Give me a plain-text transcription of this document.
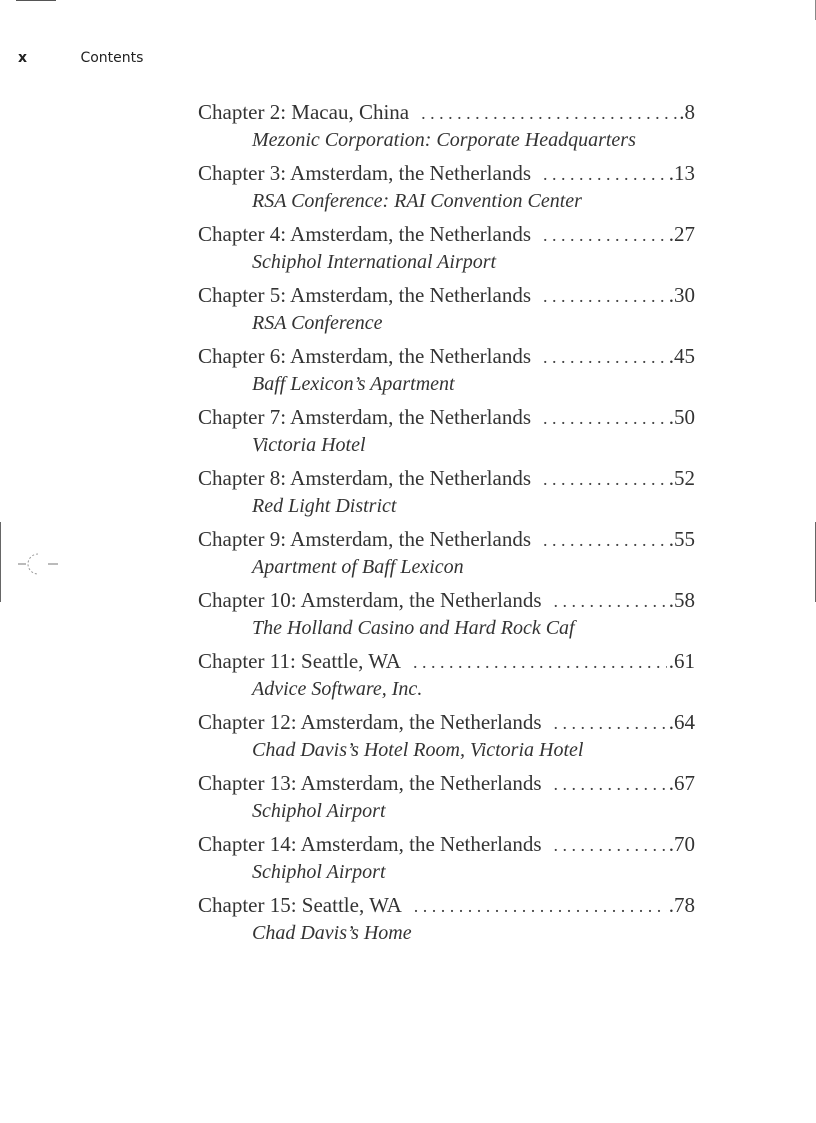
x	Contents
Chapter 2: Macau, China . . .	.8
Mezonic Corporation: Corporate Headquarters
Chapter 3: Amsterdam, the Netherlands . . .	.13
RSA Conference: RAI Convention Center
Chapter 4: Amsterdam, the Netherlands . . .	.27
Schiphol International Airport
Chapter 5: Amsterdam, the Netherlands . . .	.30
RSA Conference
Chapter 6: Amsterdam, the Netherlands . . .	.45
Baff Lexicon’s Apartment
Chapter 7: Amsterdam, the Netherlands . . .	.50
Victoria Hotel
Chapter 8: Amsterdam, the Netherlands . . .	.52
Red Light District
Chapter 9: Amsterdam, the Netherlands . . .	.55
Apartment of Baff Lexicon
Chapter 10: Amsterdam, the Netherlands . . .	.58
The Holland Casino and Hard Rock Caf
Chapter 11: Seattle, WA . . .	.61
Advice Software, Inc.
Chapter 12: Amsterdam, the Netherlands . . .	.64
Chad Davis’s Hotel Room, Victoria Hotel
Chapter 13: Amsterdam, the Netherlands . . .	.67
Schiphol Airport
Chapter 14: Amsterdam, the Netherlands . . .	.70
Schiphol Airport
Chapter 15: Seattle, WA . . .	.78
Chad Davis’s Home
